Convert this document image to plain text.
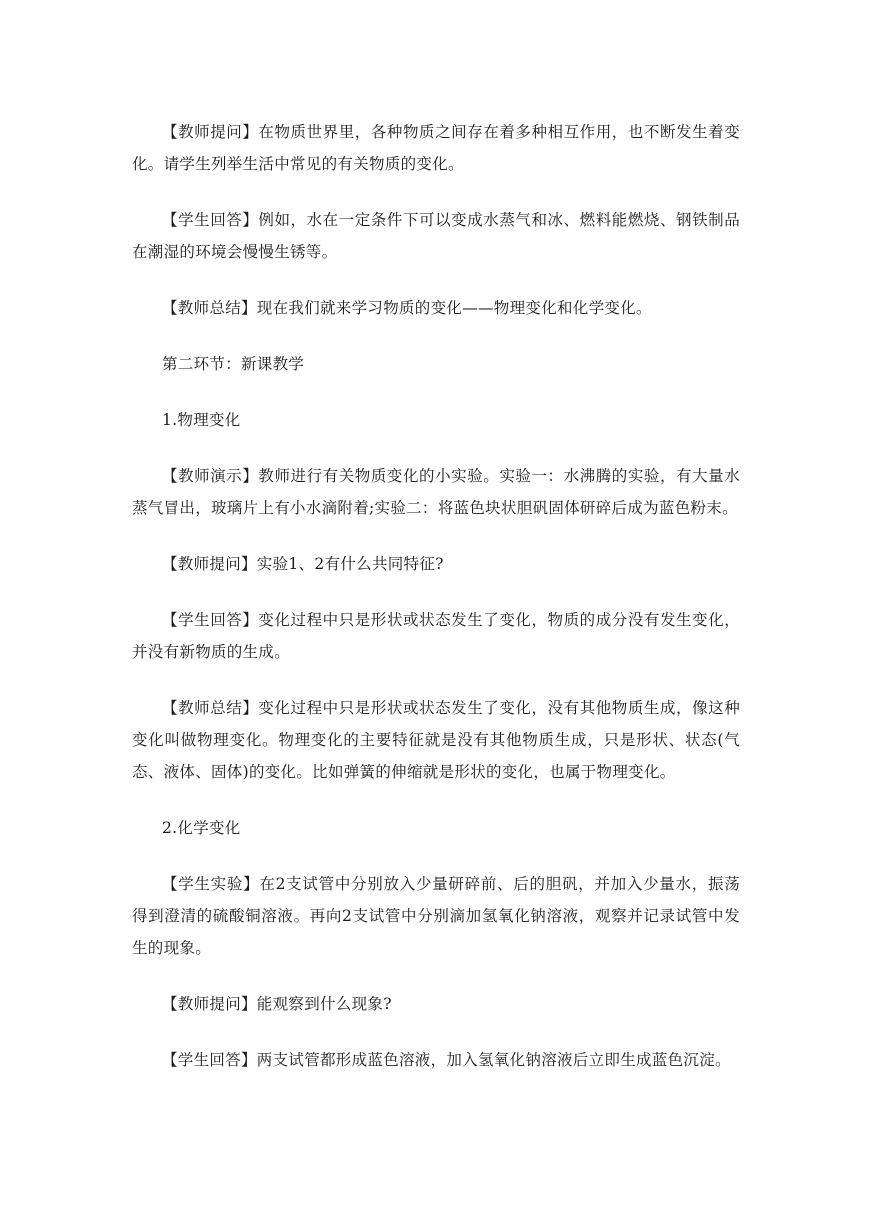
【教师提问】在物质世界里，各种物质之间存在着多种相互作用，也不断发生着变化。请学生列举生活中常见的有关物质的变化。

【学生回答】例如，水在一定条件下可以变成水蒸气和冰、燃料能燃烧、钢铁制品在潮湿的环境会慢慢生锈等。

【教师总结】现在我们就来学习物质的变化——物理变化和化学变化。

第二环节：新课教学

1.物理变化

【教师演示】教师进行有关物质变化的小实验。实验一：水沸腾的实验，有大量水蒸气冒出，玻璃片上有小水滴附着;实验二：将蓝色块状胆矾固体研碎后成为蓝色粉末。

【教师提问】实验1、2有什么共同特征?

【学生回答】变化过程中只是形状或状态发生了变化，物质的成分没有发生变化，并没有新物质的生成。

【教师总结】变化过程中只是形状或状态发生了变化，没有其他物质生成，像这种变化叫做物理变化。物理变化的主要特征就是没有其他物质生成，只是形状、状态(气态、液体、固体)的变化。比如弹簧的伸缩就是形状的变化，也属于物理变化。

2.化学变化

【学生实验】在2支试管中分别放入少量研碎前、后的胆矾，并加入少量水，振荡得到澄清的硫酸铜溶液。再向2支试管中分别滴加氢氧化钠溶液，观察并记录试管中发生的现象。

【教师提问】能观察到什么现象?

【学生回答】两支试管都形成蓝色溶液，加入氢氧化钠溶液后立即生成蓝色沉淀。
